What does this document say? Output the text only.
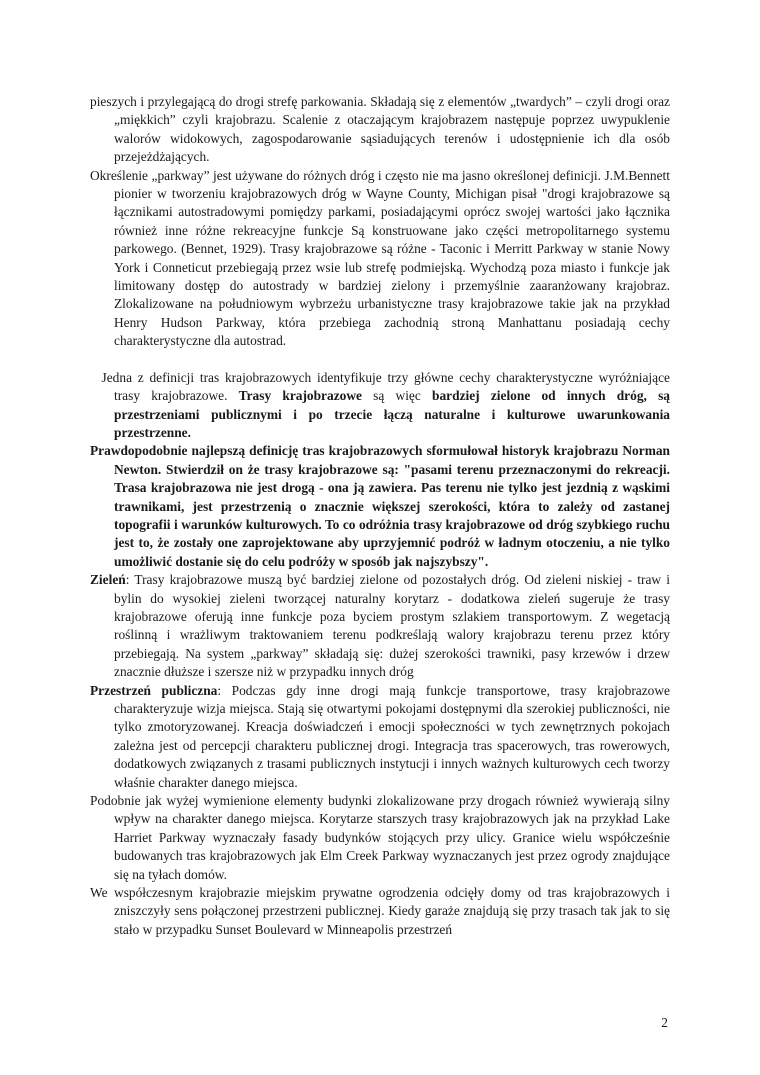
pieszych i przylegającą do drogi strefę parkowania. Składają się z elementów „twardych” – czyli drogi oraz „miękkich” czyli krajobrazu. Scalenie z otaczającym krajobrazem następuje poprzez uwypuklenie walorów widokowych, zagospodarowanie sąsiadujących terenów i udostępnienie ich dla osób przejeżdżających.

Określenie „parkway” jest używane do różnych dróg i często nie ma jasno określonej definicji. J.M.Bennett pionier w tworzeniu krajobrazowych dróg w Wayne County, Michigan pisał "drogi krajobrazowe są łącznikami autostradowymi pomiędzy parkami, posiadającymi oprócz swojej wartości jako łącznika również inne różne rekreacyjne funkcje Są konstruowane jako części metropolitarnego systemu parkowego. (Bennet, 1929). Trasy krajobrazowe są różne - Taconic i Merritt Parkway w stanie Nowy York i Conneticut przebiegają przez wsie lub strefę podmiejską. Wychodzą poza miasto i funkcje jak limitowany dostęp do autostrady w bardziej zielony i przemyślnie zaaranżowany krajobraz. Zlokalizowane na południowym wybrzeżu urbanistyczne trasy krajobrazowe takie jak na przykład Henry Hudson Parkway, która przebiega zachodnią stroną Manhattanu posiadają cechy charakterystyczne dla autostrad.

Jedna z definicji tras krajobrazowych identyfikuje trzy główne cechy charakterystyczne wyróżniające trasy krajobrazowe. Trasy krajobrazowe są więc bardziej zielone od innych dróg, są przestrzeniami publicznymi i po trzecie łączą naturalne i kulturowe uwarunkowania przestrzenne.

Prawdopodobnie najlepszą definicję tras krajobrazowych sformułował historyk krajobrazu Norman Newton. Stwierdził on że trasy krajobrazowe są: "pasami terenu przeznaczonymi do rekreacji. Trasa krajobrazowa nie jest drogą - ona ją zawiera. Pas terenu nie tylko jest jezdnią z wąskimi trawnikami, jest przestrzenią o znacznie większej szerokości, która to zależy od zastanej topografii i warunków kulturowych. To co odróżnia trasy krajobrazowe od dróg szybkiego ruchu jest to, że zostały one zaprojektowane aby uprzyjemnić podróż w ładnym otoczeniu, a nie tylko umożliwić dostanie się do celu podróży w sposób jak najszybszy".

Zieleń: Trasy krajobrazowe muszą być bardziej zielone od pozostałych dróg. Od zieleni niskiej - traw i bylin do wysokiej zieleni tworzącej naturalny korytarz - dodatkowa zieleń sugeruje że trasy krajobrazowe oferują inne funkcje poza byciem prostym szlakiem transportowym. Z wegetacją roślinną i wrażliwym traktowaniem terenu podkreślają walory krajobrazu terenu przez który przebiegają. Na system „parkway” składają się: dużej szerokości trawniki, pasy krzewów i drzew znacznie dłuższe i szersze niż w przypadku innych dróg

Przestrzeń publiczna: Podczas gdy inne drogi mają funkcje transportowe, trasy krajobrazowe charakteryzuje wizja miejsca. Stają się otwartymi pokojami dostępnymi dla szerokiej publiczności, nie tylko zmotoryzowanej. Kreacja doświadczeń i emocji społeczności w tych zewnętrznych pokojach zależna jest od percepcji charakteru publicznej drogi. Integracja tras spacerowych, tras rowerowych, dodatkowych związanych z trasami publicznych instytucji i innych ważnych kulturowych cech tworzy właśnie charakter danego miejsca.

Podobnie jak wyżej wymienione elementy budynki zlokalizowane przy drogach również wywierają silny wpływ na charakter danego miejsca. Korytarze starszych trasy krajobrazowych jak na przykład Lake Harriet Parkway wyznaczały fasady budynków stojących przy ulicy. Granice wielu współcześnie budowanych tras krajobrazowych jak Elm Creek Parkway wyznaczanych jest przez ogrody znajdujące się na tyłach domów.

We współczesnym krajobrazie miejskim prywatne ogrodzenia odcięły domy od tras krajobrazowych i zniszczyły sens połączonej przestrzeni publicznej. Kiedy garaże znajdują się przy trasach tak jak to się stało w przypadku Sunset Boulevard w Minneapolis przestrzeń

2
